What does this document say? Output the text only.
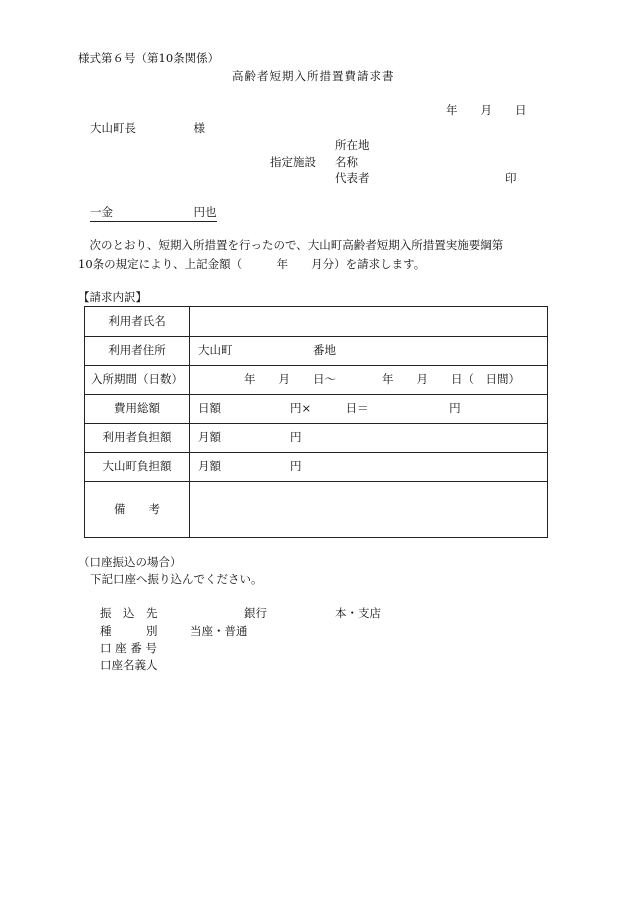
様式第６号（第10条関係）
高齢者短期入所措置費請求書
年　　月　　日
大山町長　　　　　様
所在地
指定施設 名称
代表者	印
一金　　　　　　　円也
　次のとおり、短期入所措置を行ったので、大山町高齢者短期入所措置実施要綱第
10条の規定により、上記金額（　　　年　　月分）を請求します。
【請求内訳】
利用者氏名	
利用者住所	大山町　　　　　　　番地
入所期間（日数）	　　　　年　　月　　日～　　　　年　　月　　日（　日間）
費用総額	日額　　　　　　円×　　　日＝　　　　　　　円
利用者負担額	月額　　　　　　円
大山町負担額	月額　　　　　　円
備　　考	
（口座振込の場合）
下記口座へ振り込んでください。
振　込　先	銀行	本・支店
種　　　別	当座・普通
口 座 番 号
口座名義人
